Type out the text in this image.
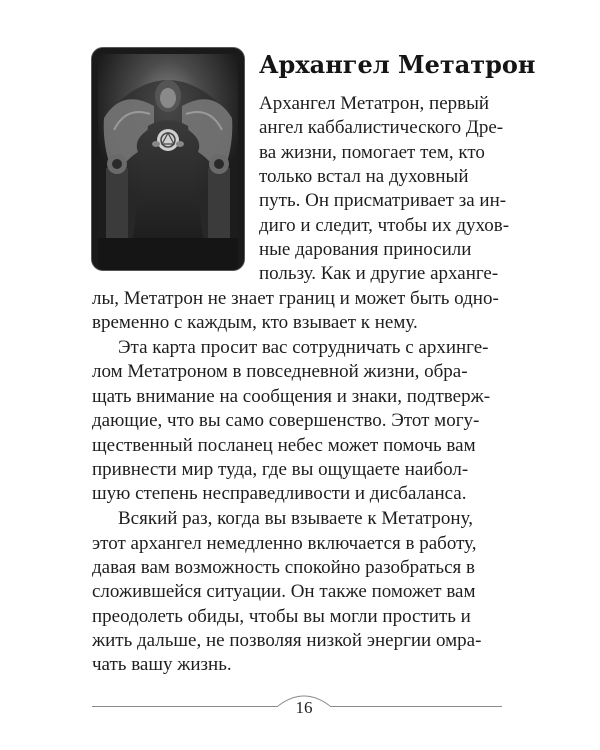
Архангел Метатрон
Архангел Метатрон, первый
ангел каббалистического Дре-
ва жизни, помогает тем, кто
только встал на духовный
путь. Он присматривает за ин-
диго и следит, чтобы их духов-
ные дарования приносили
пользу. Как и другие арханге-
лы, Метатрон не знает границ и может быть одно-
временно с каждым, кто взывает к нему.
Эта карта просит вас сотрудничать с архинге-
лом Метатроном в повседневной жизни, обра-
щать внимание на сообщения и знаки, подтверж-
дающие, что вы само совершенство. Этот могу-
щественный посланец небес может помочь вам
привнести мир туда, где вы ощущаете наибол-
шую степень несправедливости и дисбаланса.
Всякий раз, когда вы взываете к Метатрону,
этот архангел немедленно включается в работу,
давая вам возможность спокойно разобраться в
сложившейся ситуации. Он также поможет вам
преодолеть обиды, чтобы вы могли простить и
жить дальше, не позволяя низкой энергии омра-
чать вашу жизнь.
16
